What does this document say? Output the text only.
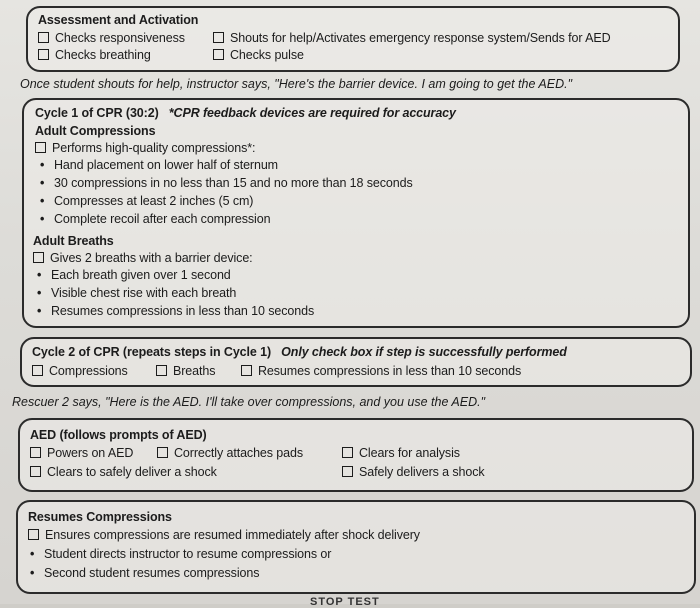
Assessment and Activation
Checks responsiveness	Shouts for help/Activates emergency response system/Sends for AED
Checks breathing	Checks pulse
Once student shouts for help, instructor says, "Here's the barrier device. I am going to get the AED."
Cycle 1 of CPR (30:2) *CPR feedback devices are required for accuracy
Adult Compressions
Performs high-quality compressions*:
• Hand placement on lower half of sternum
• 30 compressions in no less than 15 and no more than 18 seconds
• Compresses at least 2 inches (5 cm)
• Complete recoil after each compression
Adult Breaths
Gives 2 breaths with a barrier device:
• Each breath given over 1 second
• Visible chest rise with each breath
• Resumes compressions in less than 10 seconds
Cycle 2 of CPR (repeats steps in Cycle 1) Only check box if step is successfully performed
Compressions	Breaths	Resumes compressions in less than 10 seconds
Rescuer 2 says, "Here is the AED. I'll take over compressions, and you use the AED."
AED (follows prompts of AED)
Powers on AED	Correctly attaches pads	Clears for analysis
Clears to safely deliver a shock	Safely delivers a shock
Resumes Compressions
Ensures compressions are resumed immediately after shock delivery
• Student directs instructor to resume compressions or
• Second student resumes compressions
STOP TEST
